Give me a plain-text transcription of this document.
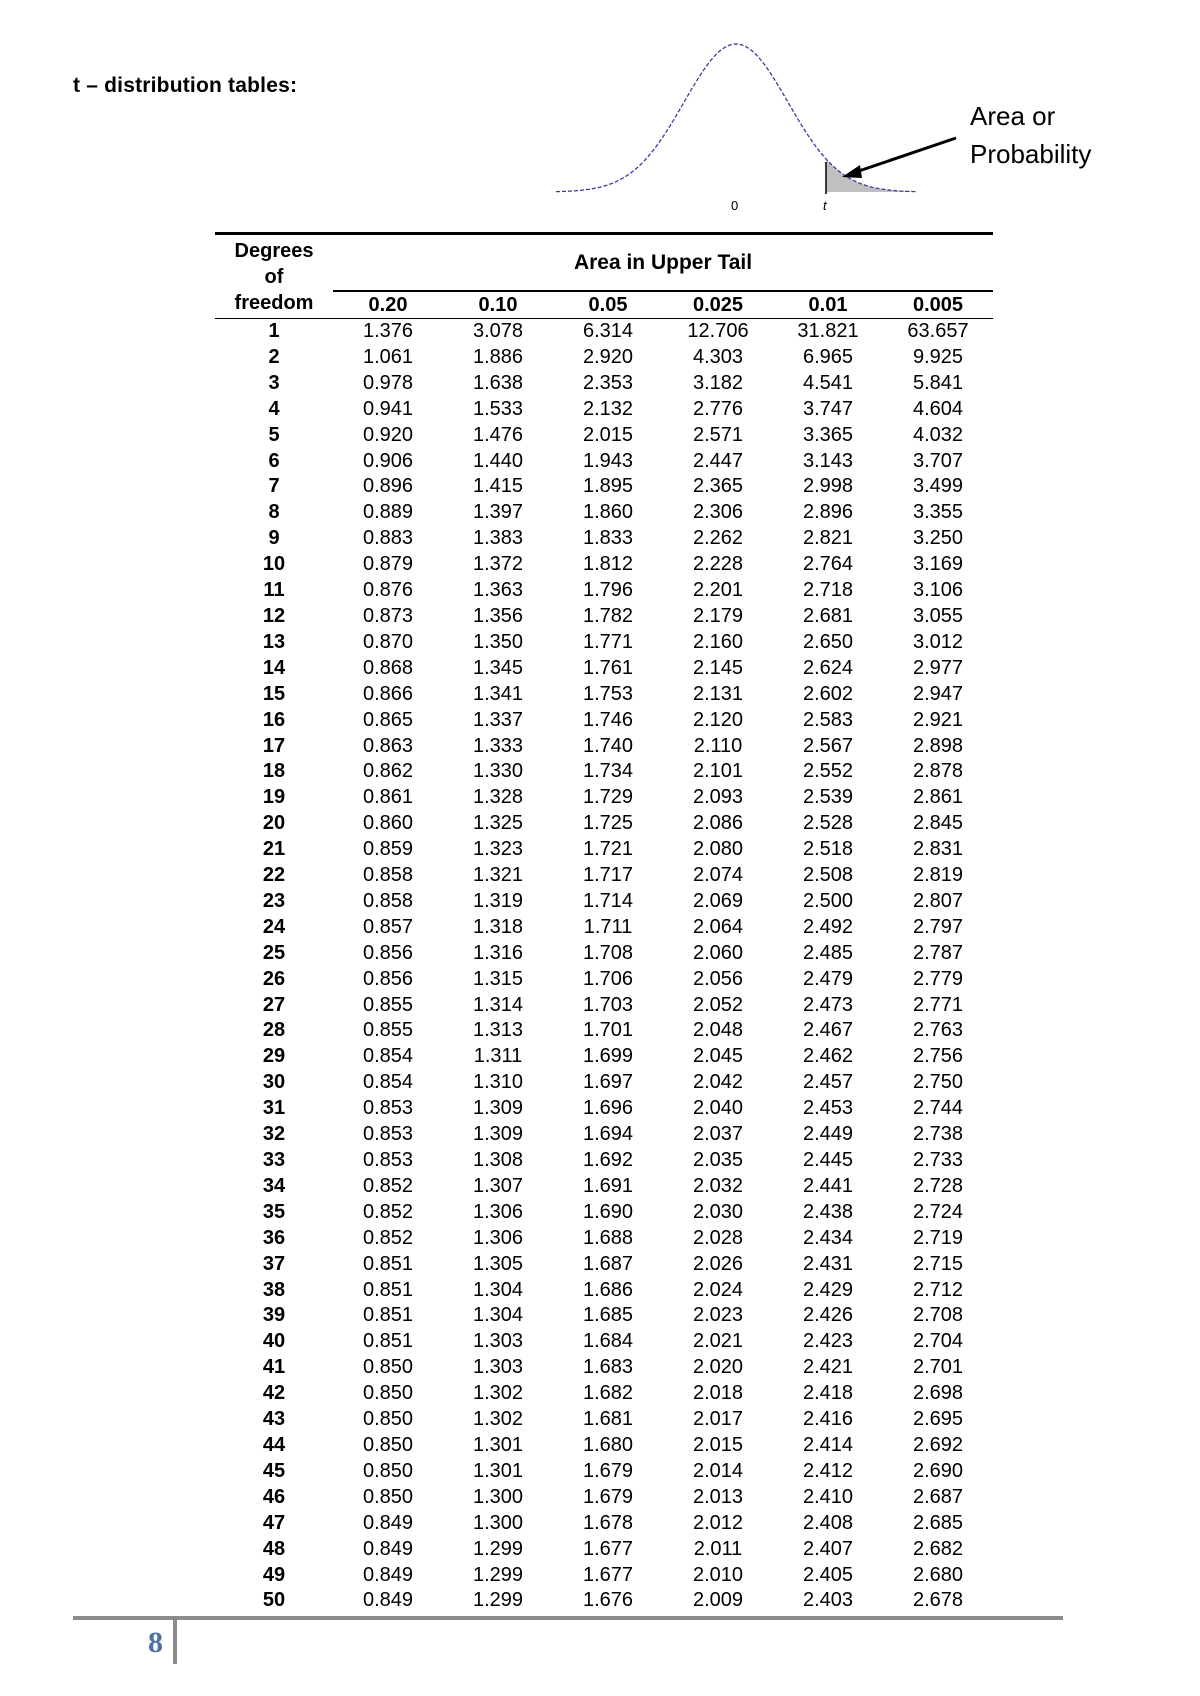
t – distribution tables:
0	t
Area or
Probability
Degrees
of
freedom	Area in Upper Tail					
	0.20	0.10	0.05	0.025	0.01	0.005
1	1.376	3.078	6.314	12.706	31.821	63.657
2	1.061	1.886	2.920	4.303	6.965	9.925
3	0.978	1.638	2.353	3.182	4.541	5.841
4	0.941	1.533	2.132	2.776	3.747	4.604
5	0.920	1.476	2.015	2.571	3.365	4.032
6	0.906	1.440	1.943	2.447	3.143	3.707
7	0.896	1.415	1.895	2.365	2.998	3.499
8	0.889	1.397	1.860	2.306	2.896	3.355
9	0.883	1.383	1.833	2.262	2.821	3.250
10	0.879	1.372	1.812	2.228	2.764	3.169
11	0.876	1.363	1.796	2.201	2.718	3.106
12	0.873	1.356	1.782	2.179	2.681	3.055
13	0.870	1.350	1.771	2.160	2.650	3.012
14	0.868	1.345	1.761	2.145	2.624	2.977
15	0.866	1.341	1.753	2.131	2.602	2.947
16	0.865	1.337	1.746	2.120	2.583	2.921
17	0.863	1.333	1.740	2.110	2.567	2.898
18	0.862	1.330	1.734	2.101	2.552	2.878
19	0.861	1.328	1.729	2.093	2.539	2.861
20	0.860	1.325	1.725	2.086	2.528	2.845
21	0.859	1.323	1.721	2.080	2.518	2.831
22	0.858	1.321	1.717	2.074	2.508	2.819
23	0.858	1.319	1.714	2.069	2.500	2.807
24	0.857	1.318	1.711	2.064	2.492	2.797
25	0.856	1.316	1.708	2.060	2.485	2.787
26	0.856	1.315	1.706	2.056	2.479	2.779
27	0.855	1.314	1.703	2.052	2.473	2.771
28	0.855	1.313	1.701	2.048	2.467	2.763
29	0.854	1.311	1.699	2.045	2.462	2.756
30	0.854	1.310	1.697	2.042	2.457	2.750
31	0.853	1.309	1.696	2.040	2.453	2.744
32	0.853	1.309	1.694	2.037	2.449	2.738
33	0.853	1.308	1.692	2.035	2.445	2.733
34	0.852	1.307	1.691	2.032	2.441	2.728
35	0.852	1.306	1.690	2.030	2.438	2.724
36	0.852	1.306	1.688	2.028	2.434	2.719
37	0.851	1.305	1.687	2.026	2.431	2.715
38	0.851	1.304	1.686	2.024	2.429	2.712
39	0.851	1.304	1.685	2.023	2.426	2.708
40	0.851	1.303	1.684	2.021	2.423	2.704
41	0.850	1.303	1.683	2.020	2.421	2.701
42	0.850	1.302	1.682	2.018	2.418	2.698
43	0.850	1.302	1.681	2.017	2.416	2.695
44	0.850	1.301	1.680	2.015	2.414	2.692
45	0.850	1.301	1.679	2.014	2.412	2.690
46	0.850	1.300	1.679	2.013	2.410	2.687
47	0.849	1.300	1.678	2.012	2.408	2.685
48	0.849	1.299	1.677	2.011	2.407	2.682
49	0.849	1.299	1.677	2.010	2.405	2.680
50	0.849	1.299	1.676	2.009	2.403	2.678
8
